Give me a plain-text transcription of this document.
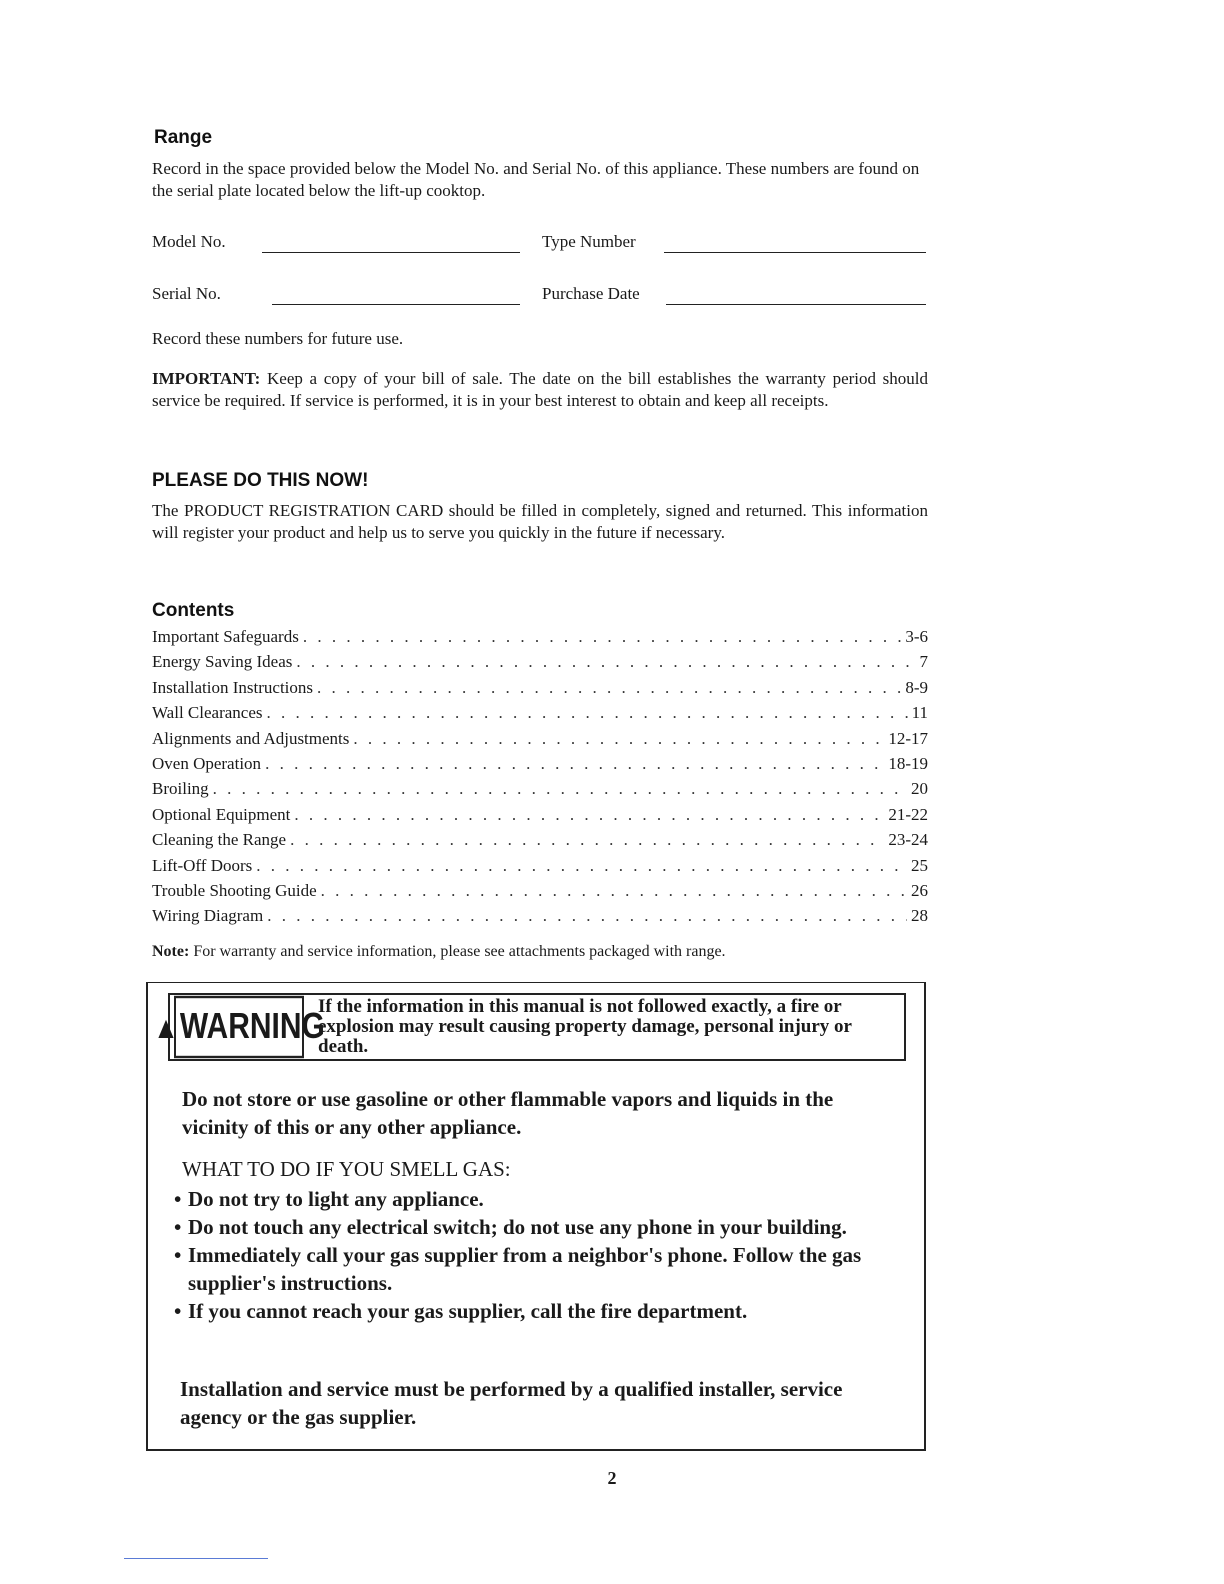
Range
Record in the space provided below the Model No. and Serial No. of this appliance. These numbers are found on the serial plate located below the lift-up cooktop.
Model No.	Type Number
Serial No.	Purchase Date
Record these numbers for future use.
IMPORTANT: Keep a copy of your bill of sale. The date on the bill establishes the warranty period should service be required. If service is performed, it is in your best interest to obtain and keep all receipts.
PLEASE DO THIS NOW!
The PRODUCT REGISTRATION CARD should be filled in completely, signed and returned. This information will register your product and help us to serve you quickly in the future if necessary.
Contents
Important Safeguards . . .	3-6
Energy Saving Ideas . . .	7
Installation Instructions . . .	8-9
Wall Clearances . . .	11
Alignments and Adjustments . . .	12-17
Oven Operation . . .	18-19
Broiling . . .	20
Optional Equipment . . .	21-22
Cleaning the Range . . .	23-24
Lift-Off Doors . . .	25
Trouble Shooting Guide . . .	26
Wiring Diagram . . .	28
Note: For warranty and service information, please see attachments packaged with range.
▲ WARNING
If the information in this manual is not followed exactly, a fire or explosion may result causing property damage, personal injury or death.
Do not store or use gasoline or other flammable vapors and liquids in the vicinity of this or any other appliance.
WHAT TO DO IF YOU SMELL GAS:
• Do not try to light any appliance.
• Do not touch any electrical switch; do not use any phone in your building.
• Immediately call your gas supplier from a neighbor's phone. Follow the gas supplier's instructions.
• If you cannot reach your gas supplier, call the fire department.
Installation and service must be performed by a qualified installer, service agency or the gas supplier.
2
